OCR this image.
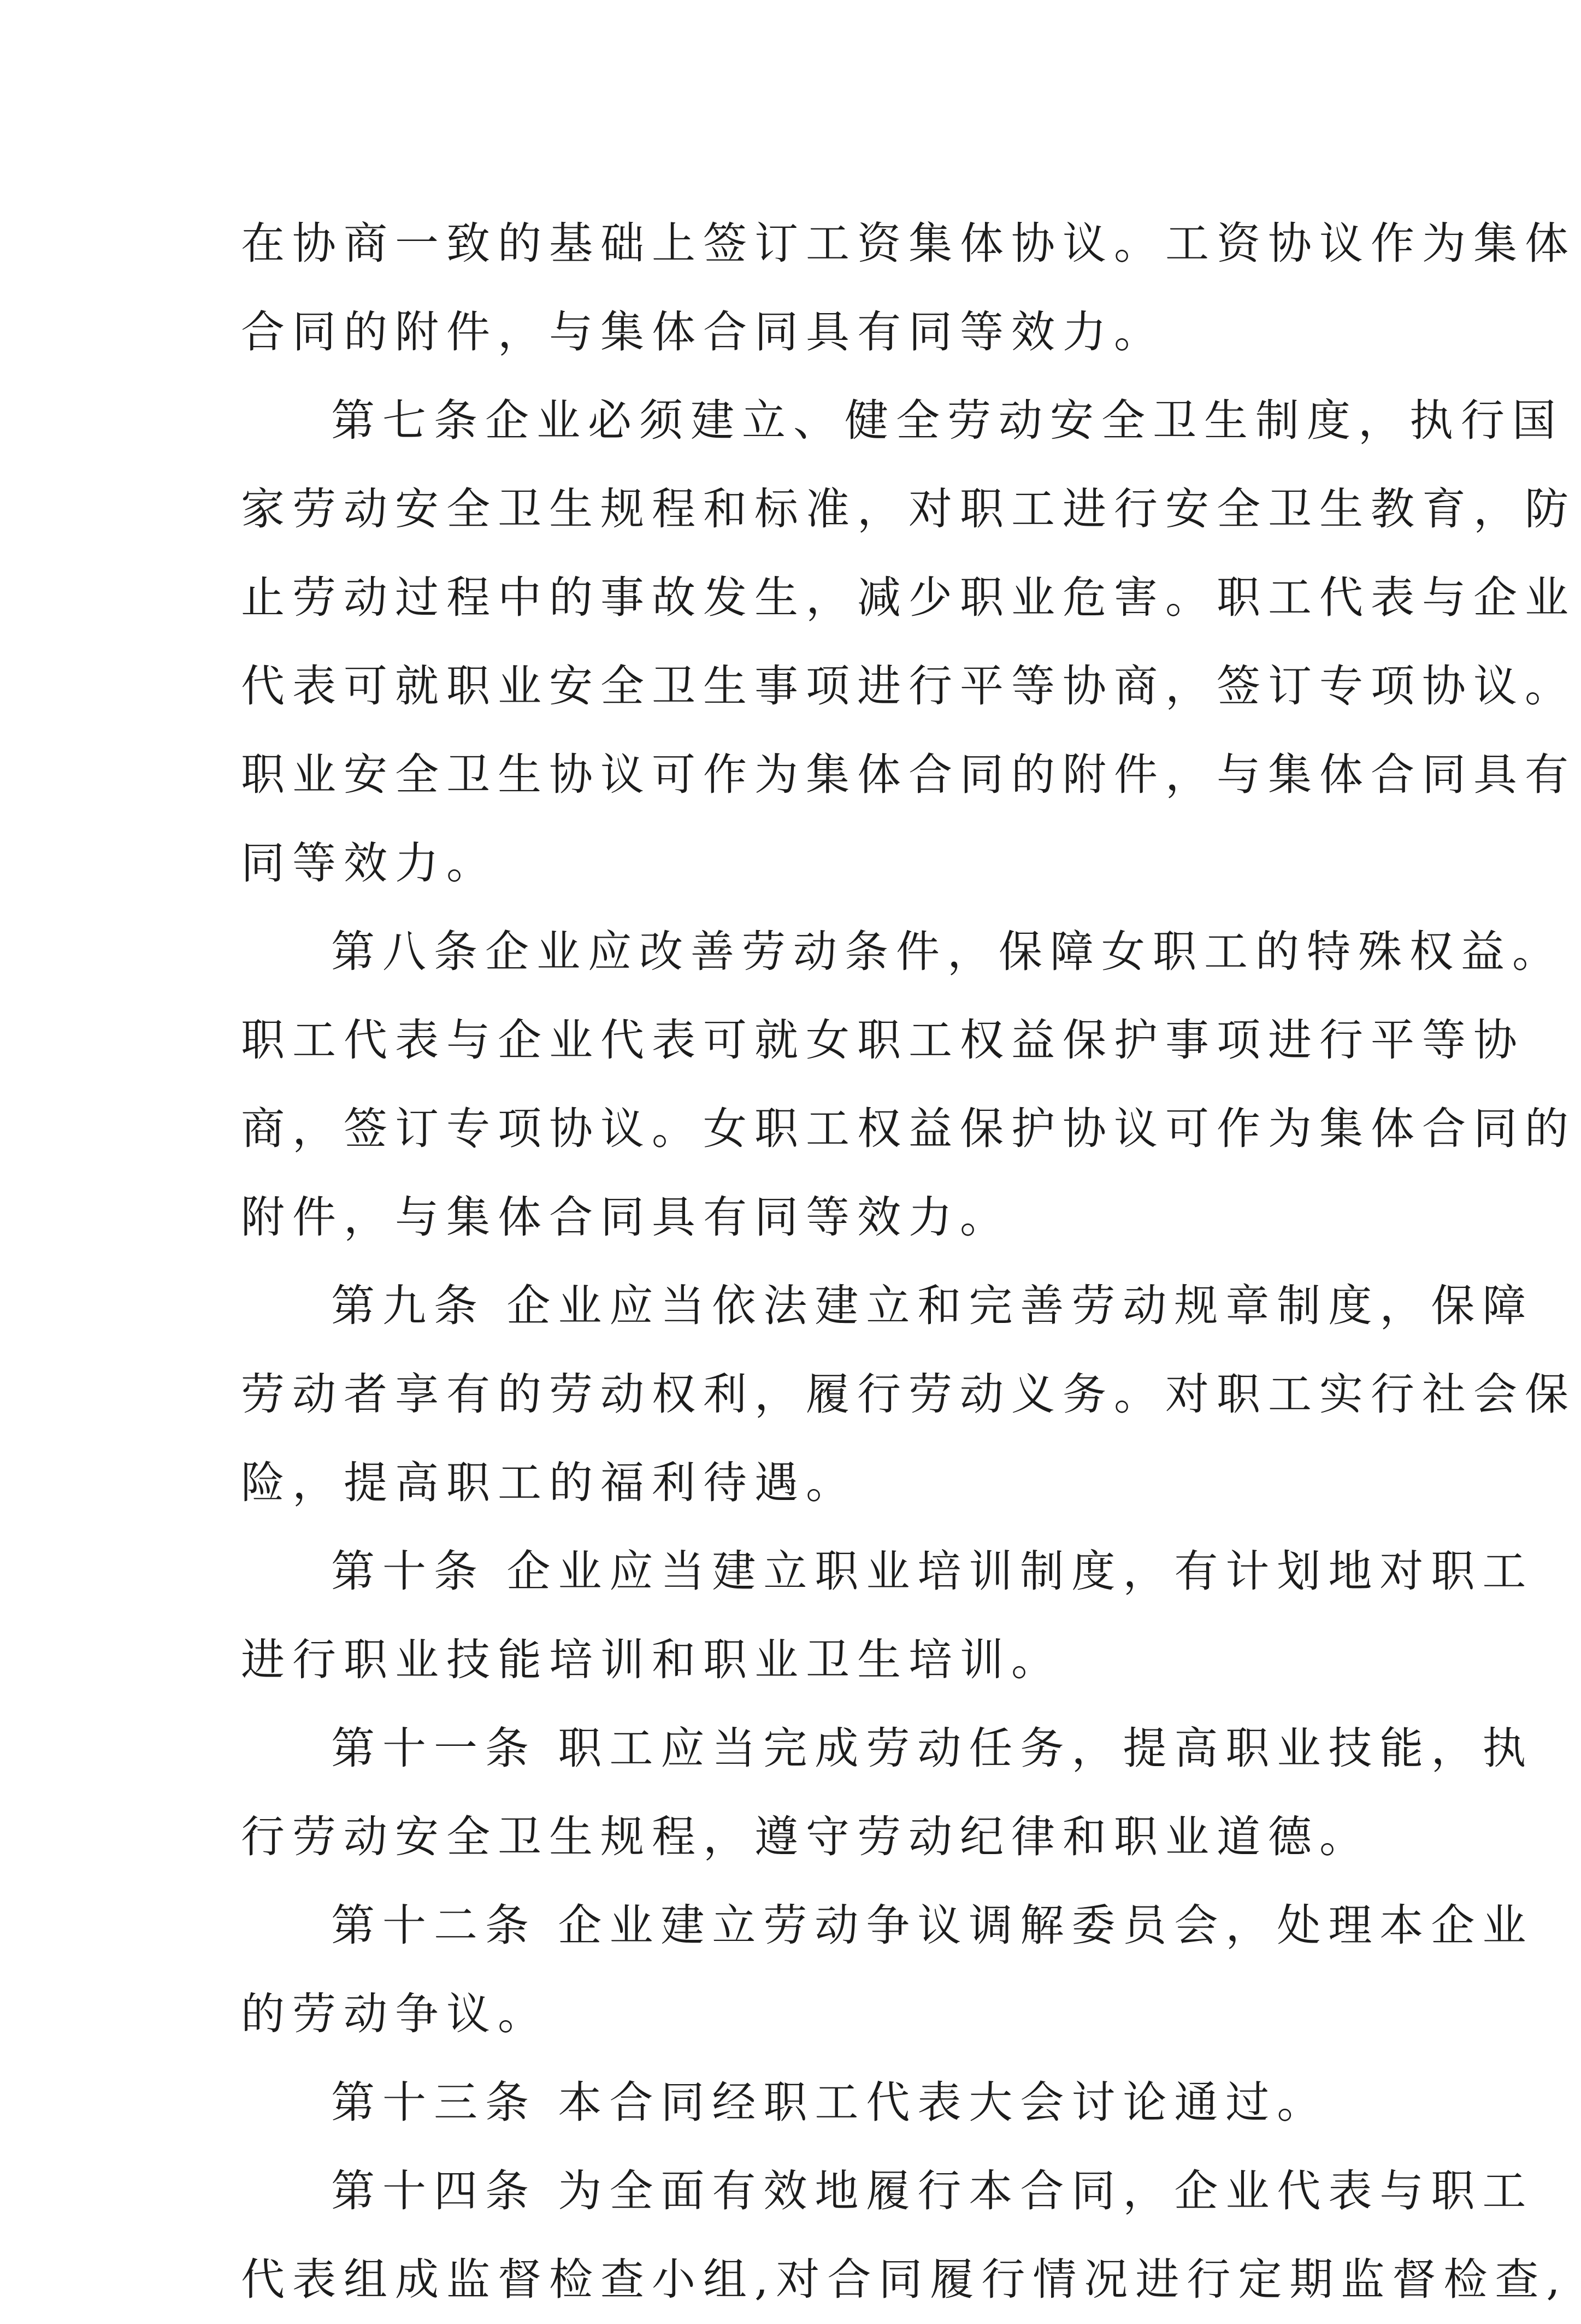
在协商一致的基础上签订工资集体协议。工资协议作为集体
合同的附件，与集体合同具有同等效力。
第七条企业必须建立、健全劳动安全卫生制度，执行国
家劳动安全卫生规程和标准，对职工进行安全卫生教育，防
止劳动过程中的事故发生，减少职业危害。职工代表与企业
代表可就职业安全卫生事项进行平等协商，签订专项协议。
职业安全卫生协议可作为集体合同的附件，与集体合同具有
同等效力。
第八条企业应改善劳动条件，保障女职工的特殊权益。
职工代表与企业代表可就女职工权益保护事项进行平等协
商，签订专项协议。女职工权益保护协议可作为集体合同的
附件，与集体合同具有同等效力。
第九条 企业应当依法建立和完善劳动规章制度，保障
劳动者享有的劳动权利，履行劳动义务。对职工实行社会保
险，提高职工的福利待遇。
第十条 企业应当建立职业培训制度，有计划地对职工
进行职业技能培训和职业卫生培训。
第十一条 职工应当完成劳动任务，提高职业技能，执
行劳动安全卫生规程，遵守劳动纪律和职业道德。
第十二条 企业建立劳动争议调解委员会，处理本企业
的劳动争议。
第十三条 本合同经职工代表大会讨论通过。
第十四条 为全面有效地履行本合同，企业代表与职工
代表组成监督检查小组,对合同履行情况进行定期监督检查,
